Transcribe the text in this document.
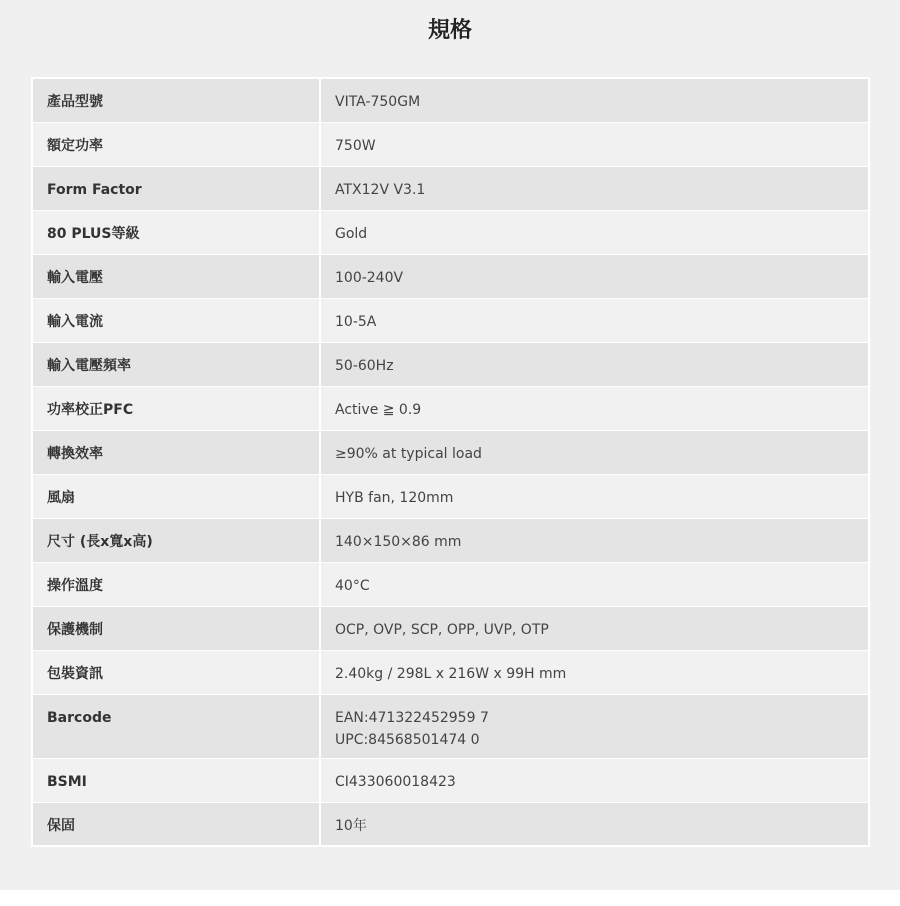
規格
產品型號	VITA-750GM
額定功率	750W
Form Factor	ATX12V V3.1
80 PLUS等級	Gold
輸入電壓	100-240V
輸入電流	10-5A
輸入電壓頻率	50-60Hz
功率校正PFC	Active ≧ 0.9
轉換效率	≥90% at typical load
風扇	HYB fan, 120mm
尺寸 (長x寬x高)	140×150×86 mm
操作溫度	40°C
保護機制	OCP, OVP, SCP, OPP, UVP, OTP
包裝資訊	2.40kg / 298L x 216W x 99H mm
Barcode	EAN:471322452959 7
UPC:84568501474 0
BSMI	CI433060018423
保固	10年
